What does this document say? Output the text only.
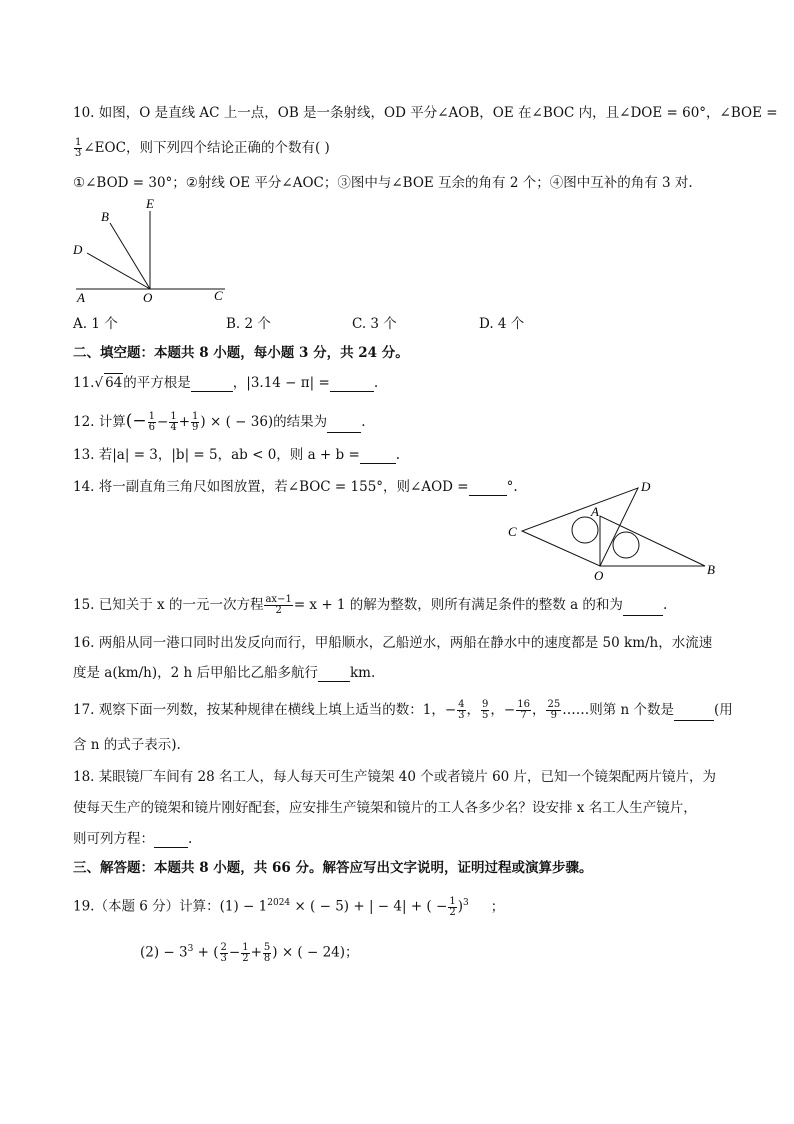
10. 如图，O 是直线 AC 上一点，OB 是一条射线，OD 平分∠AOB，OE 在∠BOC 内，且∠DOE = 60°，∠BOE =
$\frac{1}{3}$ ∠EOC，则下列四个结论正确的个数有( )
①∠BOD = 30°；②射线 OE 平分∠AOC；③图中与∠BOE 互余的角有 2 个；④图中互补的角有 3 对.
B
E
D
A	O	C
A. 1 个	B. 2 个	C. 3 个	D. 4 个
二、填空题：本题共 8 小题，每小题 3 分，共 24 分。
11.√ 64的平方根是	，|3.14 − π| =	.
12. 计算(− $\frac{1}{6} - \frac{1}{4} + \frac{1}{9}$ ) × ( − 36)的结果为	.
13. 若|a| = 3，|b| = 5，ab < 0，则 a + b =	.
14. 将一副直角三角尺如图放置，若∠BOC = 155°，则∠AOD =	°.	D
A
C
O	B
15. 已知关于 x 的一元一次方程 $\frac{ax-1}{2} = x + 1$ 的解为整数，则所有满足条件的整数 a 的和为	.
16. 两船从同一港口同时出发反向而行，甲船顺水，乙船逆水，两船在静水中的速度都是 50 km/h，水流速
度是 a(km/h)，2 h 后甲船比乙船多航行 km.
17. 观察下面一列数，按某种规律在横线上填上适当的数：1，− $\frac{4}{3}$ ， $\frac{9}{5}$ ，− $\frac{16}{7}$ ， $\frac{25}{9}$ ……则第 n 个数是	(用
含 n 的式子表示).
18. 某眼镜厂车间有 28 名工人，每人每天可生产镜架 40 个或者镜片 60 片，已知一个镜架配两片镜片，为
使每天生产的镜架和镜片刚好配套，应安排生产镜架和镜片的工人各多少名？设安排 x 名工人生产镜片，
则可列方程：	.
三、解答题：本题共 8 小题，共 66 分。解答应写出文字说明，证明过程或演算步骤。
19.（本题 6 分）计算：$(1) - 1^{2024}$ × ( − 5) + | − 4| + ( − $\frac{1}{2} )^3$ ；
$(2) - 3^3$ + ( $\frac{2}{3} - \frac{1}{2} + \frac{5}{8}$ ) × ( − 24)；
